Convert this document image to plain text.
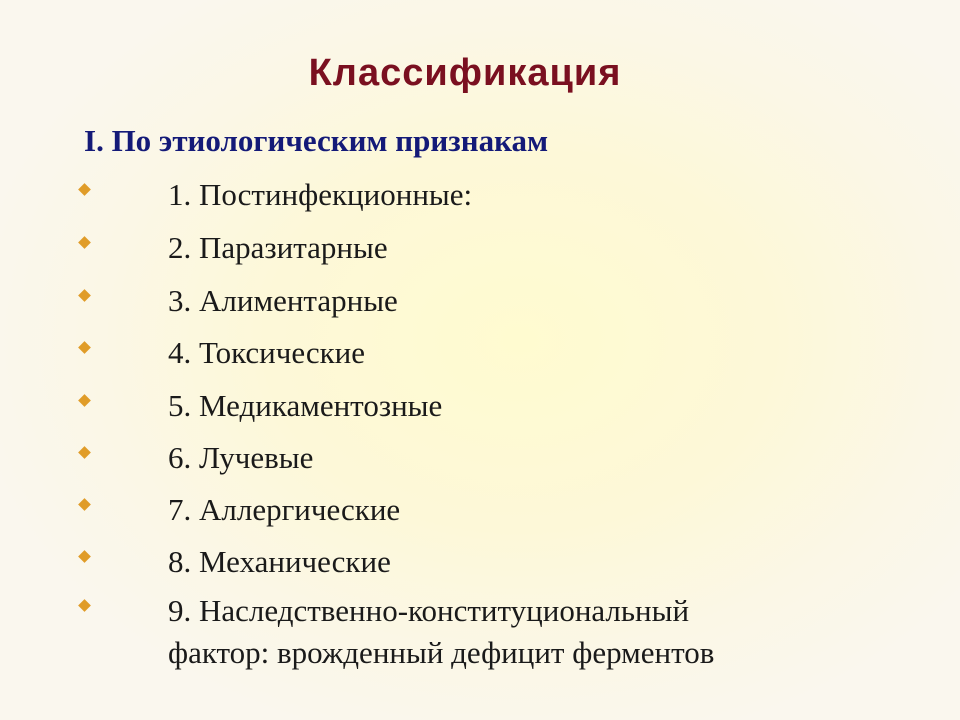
Классификация
I. По этиологическим признакам
1. Постинфекционные:
2. Паразитарные
3. Алиментарные
4. Токсические
5. Медикаментозные
6. Лучевые
7. Аллергические
8. Механические
9. Наследственно-конституциональный
фактор: врожденный дефицит ферментов
